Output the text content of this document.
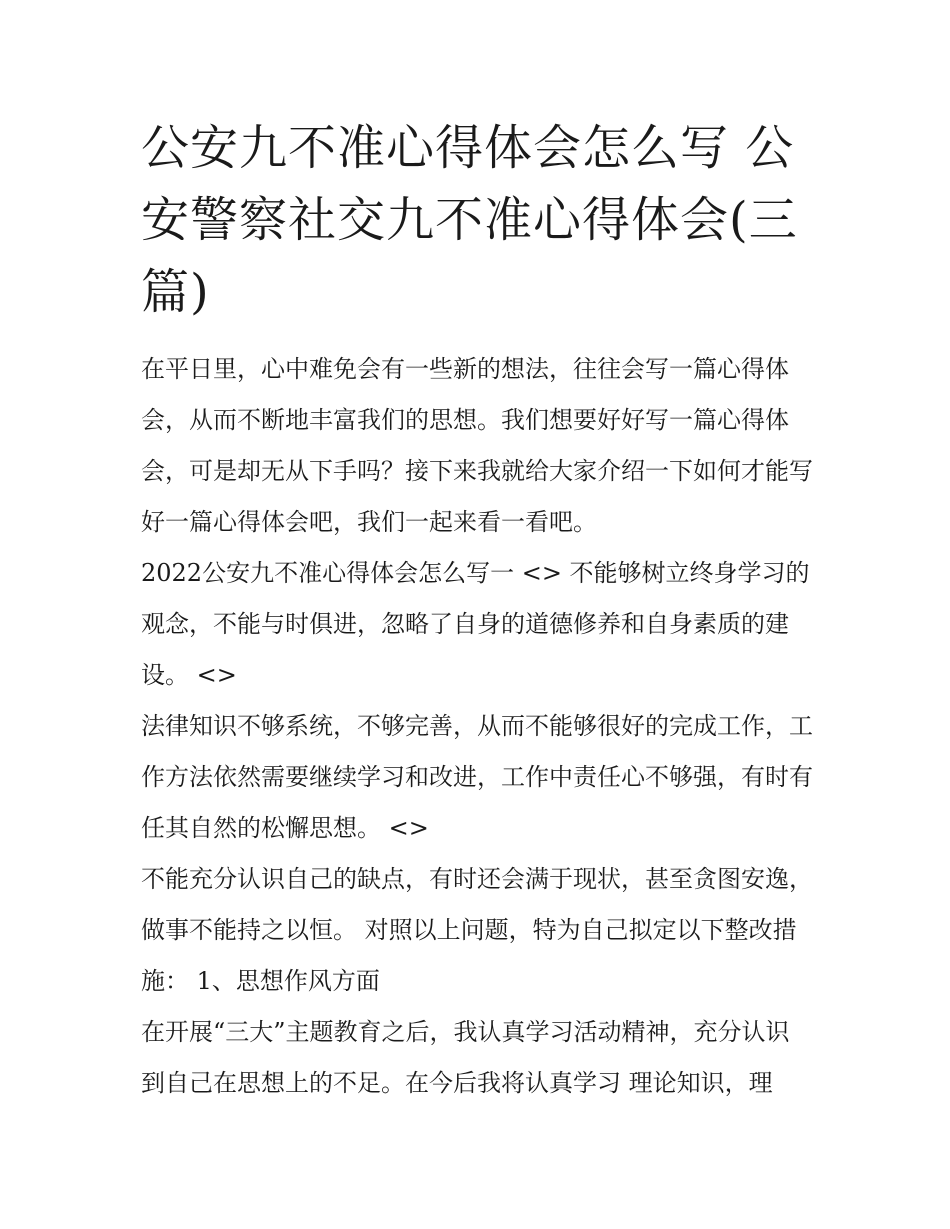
公安九不准心得体会怎么写 公安警察社交九不准心得体会(三篇)

在平日里，心中难免会有一些新的想法，往往会写一篇心得体会，从而不断地丰富我们的思想。我们想要好好写一篇心得体会，可是却无从下手吗？接下来我就给大家介绍一下如何才能写好一篇心得体会吧，我们一起来看一看吧。

2022公安九不准心得体会怎么写一 <> 不能够树立终身学习的观念，不能与时俱进，忽略了自身的道德修养和自身素质的建设。 <>

法律知识不够系统，不够完善，从而不能够很好的完成工作，工作方法依然需要继续学习和改进，工作中责任心不够强，有时有任其自然的松懈思想。 <>

不能充分认识自己的缺点，有时还会满于现状，甚至贪图安逸，做事不能持之以恒。 对照以上问题，特为自己拟定以下整改措施： 1、思想作风方面

在开展“三大”主题教育之后，我认真学习活动精神，充分认识到自己在思想上的不足。在今后我将认真学习 理论知识，理
